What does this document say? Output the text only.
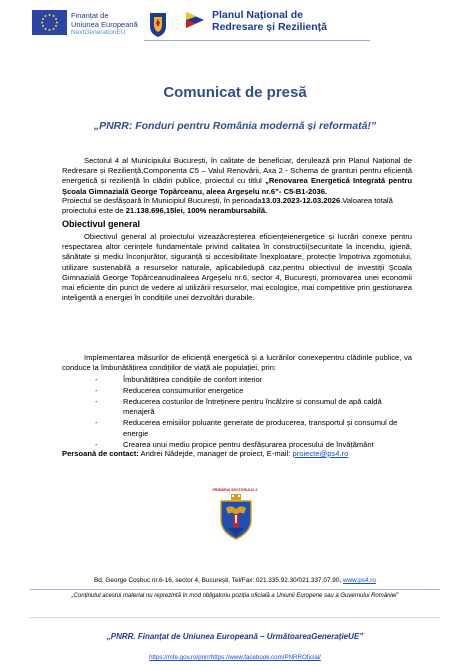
Finanțat de
Uniunea Europeană
NextGenerationEU
Planul Național de
Redresare și Reziliență
Comunicat de presă
„PNRR: Fonduri pentru România modernă și reformată!”
Sectorul 4 al Municipiului București, în calitate de beneficiar, derulează prin Planul Național de Redresare și Reziliență,Componenta C5 – Valul Renovării, Axa 2 - Schema de granturi pentru eficiență energetică și reziliență în clădiri publice, proiectul cu titlul „Renovarea Energetică Integrată pentru Școala Gimnazială George Topârceanu, aleea Argeșelu nr.6”- C5-B1-2036.
Proiectul se desfășoară în Municipiul București, în perioada13.03.2023-12.03.2026.Valoarea totală proiectului este de 21.138.696,15lei, 100% nerambursabilă.
Obiectivul general
Obiectivul general al proiectului vizeazăcreșterea eficiențeienergetice și lucrări conexe pentru respectarea altor cerințele fundamentale privind calitatea în construcții(securitate la incendiu, igienă, sănătate și mediu înconjurător, siguranță și accesibilitate înexploatare, protecție împotriva zgomotului, utilizare sustenabilă a resurselor naturale, aplicabiledupă caz,pentru obiectivul de investiții Școala Gimnazială George Topârceanudinaleea Argeșelu nr.6, sector 4, București, promovarea unei economii mai eficiente din punct de vedere al utilizării resurselor, mai ecologice, mai competitive prin gestionarea inteligentă a energiei în condițiile unei dezvoltări durabile.
Implementarea măsurilor de eficiență energetică și a lucrărilor conexepentru clădirile publice, va conduce la îmbunătățirea condițiilor de viață ale populației, prin:
-	Îmbunătățirea condițiile de confort interior
-	Reducerea consumurilor energetice
-	Reducerea costurilor de întreținere pentru încălzire și consumul de apă caldă menajeră
-	Reducerea emisiilor poluante generate de producerea, transportul și consumul de energie
-	Crearea unui mediu propice pentru desfășurarea procesului de învățământ
Persoană de contact: Andrei Nădejde, manager de proiect, E-mail: proiecte@ps4.ro
PRIMĂRIA SECTORULUI 4
Bd. George Coșbuc nr.6-16, sector 4, București, Tel/Fax: 021.335.92.30/021.337.07.90, www.ps4.ro
„Conținutul acestui material nu reprezintă în mod obligatoriu poziția oficială a Uniunii Europene sau a Guvernului României”
„PNRR. Finanțat de Uniunea Europeană – UrmătoareaGenerațieUE”
https://mfe.gov.ro/pnrr/https://www.facebook.com/PNRROficial/
